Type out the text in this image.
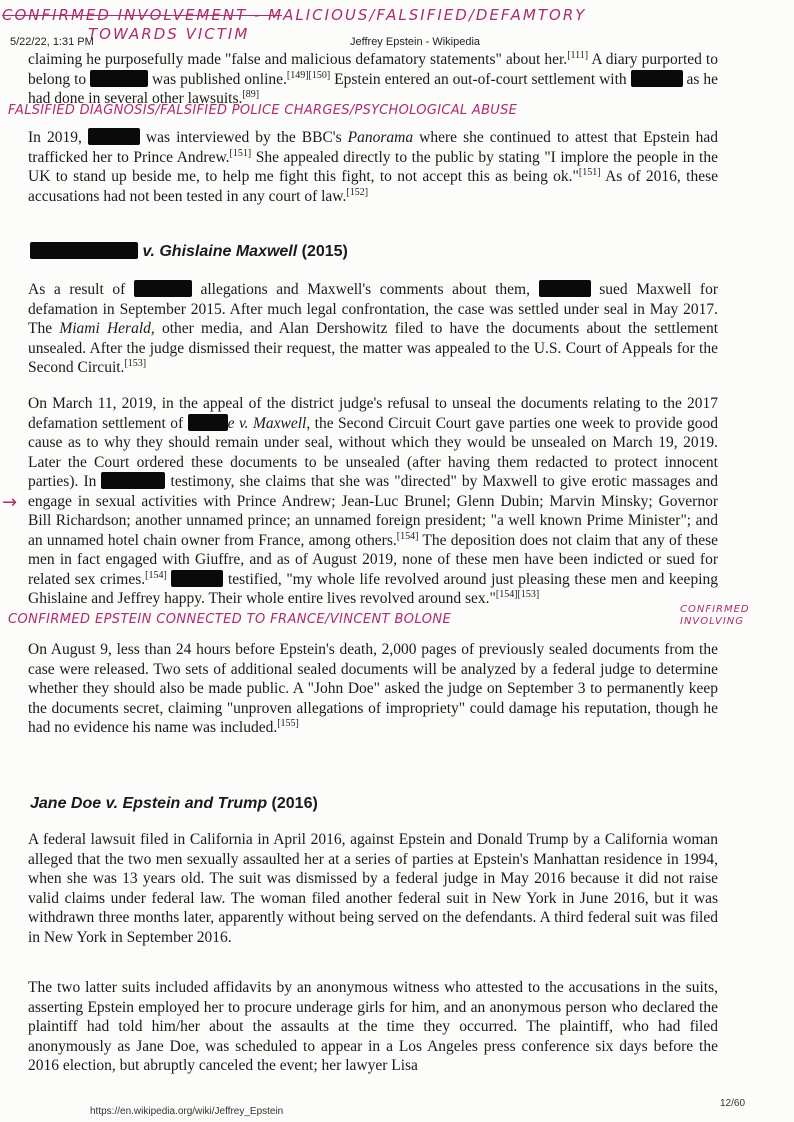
CONFIRMED INVOLVEMENT - MALICIOUS/FALSIFIED/DEFAMTORY
TOWARDS VICTIM
5/22/22, 1:31 PM	Jeffrey Epstein - Wikipedia
claiming he purposefully made "false and malicious defamatory statements" about her.[111] A diary purported to belong to	was published online.[149][150] Epstein entered an out-of-court settlement with	as he had done in several other lawsuits.[89]
FALSIFIED DIAGNOSIS/FALSIFIED POLICE CHARGES/PSYCHOLOGICAL ABUSE
In 2019,	was interviewed by the BBC's Panorama where she continued to attest that Epstein had trafficked her to Prince Andrew.[151] She appealed directly to the public by stating "I implore the people in the UK to stand up beside me, to help me fight this fight, to not accept this as being ok."[151] As of 2016, these accusations had not been tested in any court of law.[152]
v. Ghislaine Maxwell (2015)
As a result of	allegations and Maxwell's comments about them,	sued Maxwell for defamation in September 2015. After much legal confrontation, the case was settled under seal in May 2017. The Miami Herald, other media, and Alan Dershowitz filed to have the documents about the settlement unsealed. After the judge dismissed their request, the matter was appealed to the U.S. Court of Appeals for the Second Circuit.[153]
On March 11, 2019, in the appeal of the district judge's refusal to unseal the documents relating to the 2017 defamation settlement of	e v. Maxwell, the Second Circuit Court gave parties one week to provide good cause as to why they should remain under seal, without which they would be unsealed on March 19, 2019. Later the Court ordered these documents to be unsealed (after having them redacted to protect innocent parties). In	testimony, she claims that she was "directed" by Maxwell to give erotic massages and engage in sexual activities with Prince Andrew; Jean-Luc Brunel; Glenn Dubin; Marvin Minsky; Governor Bill Richardson; another unnamed prince; an unnamed foreign president; "a well known Prime Minister"; and an unnamed hotel chain owner from France, among others.[154] The deposition does not claim that any of these men in fact engaged with Giuffre, and as of August 2019, none of these men have been indicted or sued for related sex crimes.[154]	testified, "my whole life revolved around just pleasing these men and keeping Ghislaine and Jeffrey happy. Their whole entire lives revolved around sex."[154][153]
→
CONFIRMED EPSTEIN CONNECTED TO FRANCE/VINCENT BOLONE
CONFIRMED INVOLVING
On August 9, less than 24 hours before Epstein's death, 2,000 pages of previously sealed documents from the case were released. Two sets of additional sealed documents will be analyzed by a federal judge to determine whether they should also be made public. A "John Doe" asked the judge on September 3 to permanently keep the documents secret, claiming "unproven allegations of impropriety" could damage his reputation, though he had no evidence his name was included.[155]
Jane Doe v. Epstein and Trump (2016)
A federal lawsuit filed in California in April 2016, against Epstein and Donald Trump by a California woman alleged that the two men sexually assaulted her at a series of parties at Epstein's Manhattan residence in 1994, when she was 13 years old. The suit was dismissed by a federal judge in May 2016 because it did not raise valid claims under federal law. The woman filed another federal suit in New York in June 2016, but it was withdrawn three months later, apparently without being served on the defendants. A third federal suit was filed in New York in September 2016.
The two latter suits included affidavits by an anonymous witness who attested to the accusations in the suits, asserting Epstein employed her to procure underage girls for him, and an anonymous person who declared the plaintiff had told him/her about the assaults at the time they occurred. The plaintiff, who had filed anonymously as Jane Doe, was scheduled to appear in a Los Angeles press conference six days before the 2016 election, but abruptly canceled the event; her lawyer Lisa
https://en.wikipedia.org/wiki/Jeffrey_Epstein
12/60
